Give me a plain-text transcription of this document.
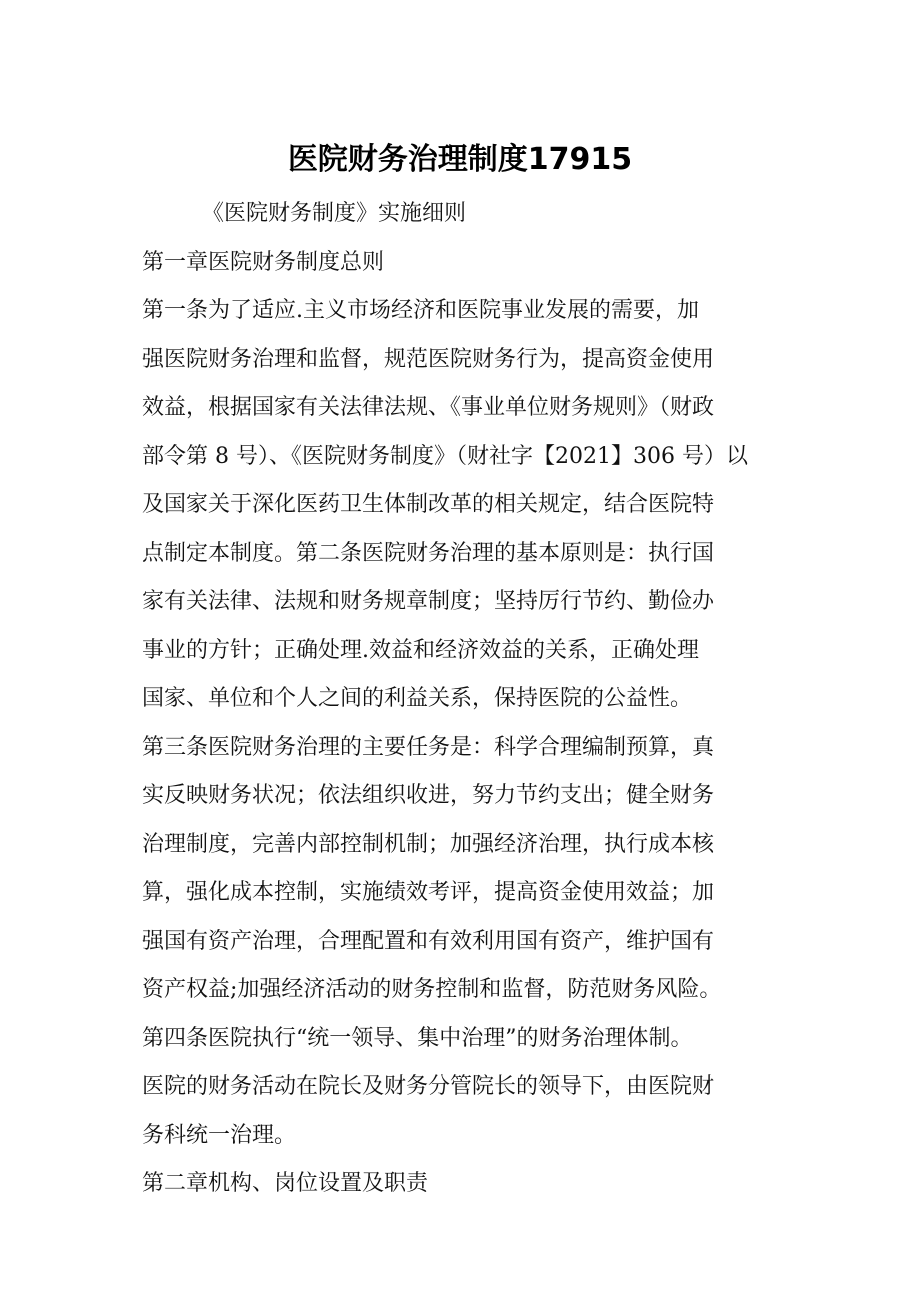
医院财务治理制度17915
《医院财务制度》实施细则
第一章医院财务制度总则
第一条为了适应.主义市场经济和医院事业发展的需要，加
强医院财务治理和监督，规范医院财务行为，提高资金使用
效益，根据国家有关法律法规、《事业单位财务规则》（财政
部令第 8 号）、《医院财务制度》（财社字【2021】306 号）以
及国家关于深化医药卫生体制改革的相关规定，结合医院特
点制定本制度。第二条医院财务治理的基本原则是：执行国
家有关法律、法规和财务规章制度；坚持厉行节约、勤俭办
事业的方针；正确处理.效益和经济效益的关系，正确处理
国家、单位和个人之间的利益关系，保持医院的公益性。
第三条医院财务治理的主要任务是：科学合理编制预算，真
实反映财务状况；依法组织收进，努力节约支出；健全财务
治理制度，完善内部控制机制；加强经济治理，执行成本核
算，强化成本控制，实施绩效考评，提高资金使用效益；加
强国有资产治理，合理配置和有效利用国有资产，维护国有
资产权益;加强经济活动的财务控制和监督，防范财务风险。
第四条医院执行“统一领导、集中治理”的财务治理体制。
医院的财务活动在院长及财务分管院长的领导下，由医院财
务科统一治理。
第二章机构、岗位设置及职责
